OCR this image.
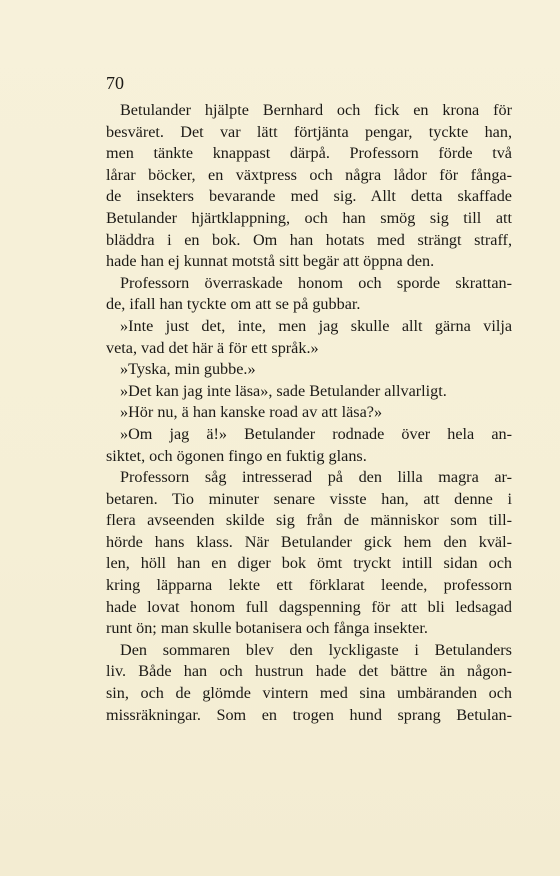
70

Betulander hjälpte Bernhard och fick en krona för
besväret. Det var lätt förtjänta pengar, tyckte han,
men tänkte knappast därpå. Professorn förde två
lårar böcker, en växtpress och några lådor för fånga-
de insekters bevarande med sig. Allt detta skaffade
Betulander hjärtklappning, och han smög sig till att
bläddra i en bok. Om han hotats med strängt straff,
hade han ej kunnat motstå sitt begär att öppna den.

Professorn överraskade honom och sporde skrattan-
de, ifall han tyckte om att se på gubbar.

»Inte just det, inte, men jag skulle allt gärna vilja
veta, vad det här ä för ett språk.»

»Tyska, min gubbe.»

»Det kan jag inte läsa», sade Betulander allvarligt.

»Hör nu, ä han kanske road av att läsa?»

»Om jag ä!» Betulander rodnade över hela an-
siktet, och ögonen fingo en fuktig glans.

Professorn såg intresserad på den lilla magra ar-
betaren. Tio minuter senare visste han, att denne i
flera avseenden skilde sig från de människor som till-
hörde hans klass. När Betulander gick hem den kväl-
len, höll han en diger bok ömt tryckt intill sidan och
kring läpparna lekte ett förklarat leende, professorn
hade lovat honom full dagspenning för att bli ledsagad
runt ön; man skulle botanisera och fånga insekter.

Den sommaren blev den lyckligaste i Betulanders
liv. Både han och hustrun hade det bättre än någon-
sin, och de glömde vintern med sina umbäranden och
missräkningar. Som en trogen hund sprang Betulan-
